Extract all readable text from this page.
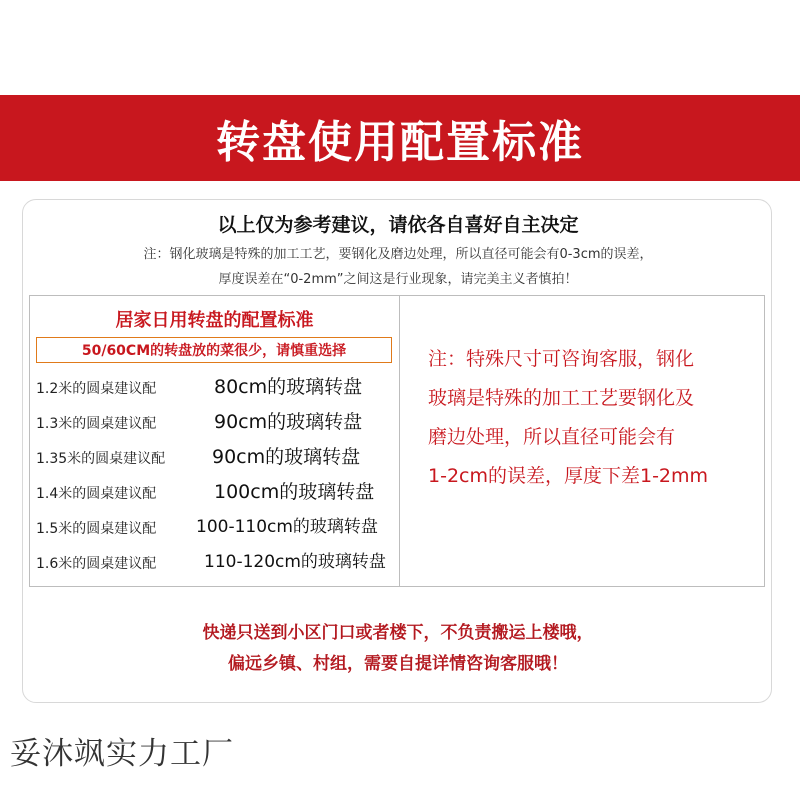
转盘使用配置标准
以上仅为参考建议，请依各自喜好自主决定
注：钢化玻璃是特殊的加工工艺，要钢化及磨边处理，所以直径可能会有0-3cm的误差，
厚度误差在“0-2mm”之间这是行业现象，请完美主义者慎拍！
居家日用转盘的配置标准
50/60CM的转盘放的菜很少，请慎重选择
1.2米的圆桌建议配	80cm的玻璃转盘
1.3米的圆桌建议配	90cm的玻璃转盘
1.35米的圆桌建议配 90cm的玻璃转盘
1.4米的圆桌建议配	100cm的玻璃转盘
1.5米的圆桌建议配 100-110cm的玻璃转盘
1.6米的圆桌建议配	110-120cm的玻璃转盘
注：特殊尺寸可咨询客服，钢化
玻璃是特殊的加工工艺要钢化及
磨边处理，所以直径可能会有
1-2cm的误差，厚度下差1-2mm
快递只送到小区门口或者楼下，不负责搬运上楼哦，
偏远乡镇、村组，需要自提详情咨询客服哦！
妥沐飒实力工厂
